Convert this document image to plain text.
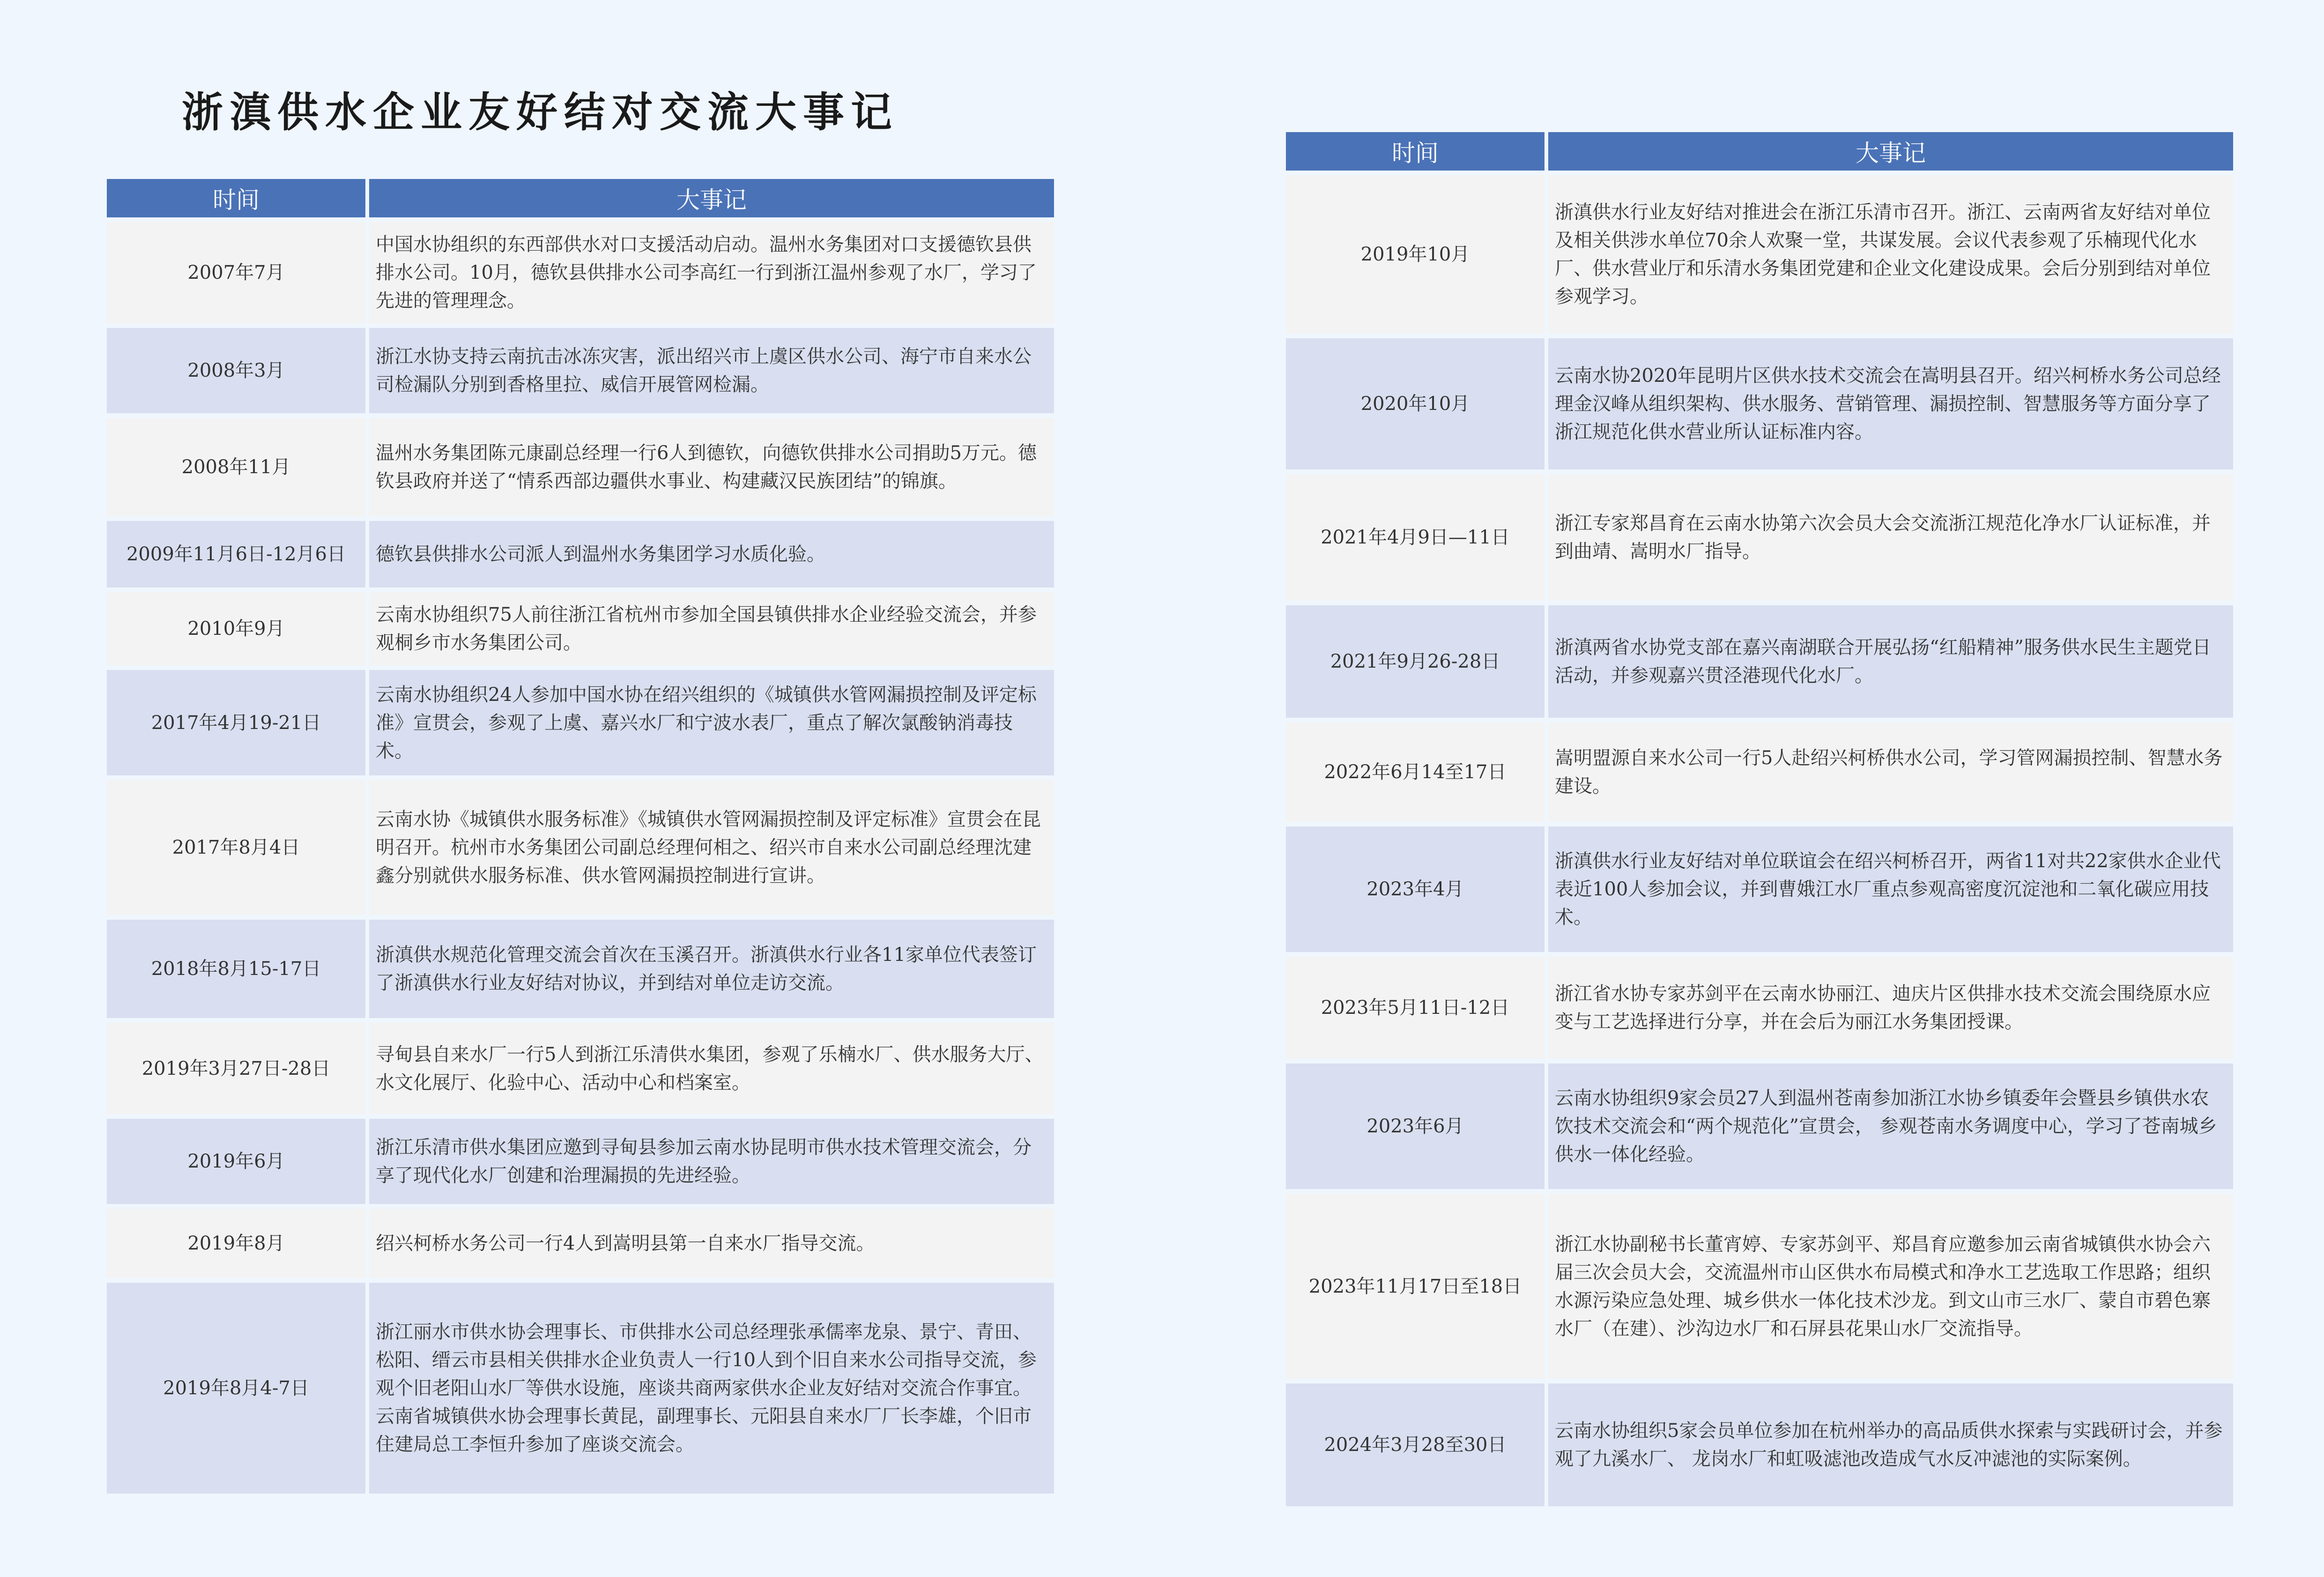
浙滇供水企业友好结对交流大事记
时间	大事记
2007年7月	中国水协组织的东西部供水对口支援活动启动。温州水务集团对口支援德钦县供排水公司。10月，德钦县供排水公司李高红一行到浙江温州参观了水厂，学习了先进的管理理念。
2008年3月	浙江水协支持云南抗击冰冻灾害，派出绍兴市上虞区供水公司、海宁市自来水公司检漏队分别到香格里拉、威信开展管网检漏。
2008年11月	温州水务集团陈元康副总经理一行6人到德钦，向德钦供排水公司捐助5万元。德钦县政府并送了“情系西部边疆供水事业、构建藏汉民族团结”的锦旗。
2009年11月6日-12月6日	德钦县供排水公司派人到温州水务集团学习水质化验。
2010年9月	云南水协组织75人前往浙江省杭州市参加全国县镇供排水企业经验交流会，并参观桐乡市水务集团公司。
2017年4月19-21日	云南水协组织24人参加中国水协在绍兴组织的《城镇供水管网漏损控制及评定标准》宣贯会，参观了上虞、嘉兴水厂和宁波水表厂，重点了解次氯酸钠消毒技术。
2017年8月4日	云南水协《城镇供水服务标准》《城镇供水管网漏损控制及评定标准》宣贯会在昆明召开。杭州市水务集团公司副总经理何相之、绍兴市自来水公司副总经理沈建鑫分别就供水服务标准、供水管网漏损控制进行宣讲。
2018年8月15-17日	浙滇供水规范化管理交流会首次在玉溪召开。浙滇供水行业各11家单位代表签订了浙滇供水行业友好结对协议，并到结对单位走访交流。
2019年3月27日-28日	寻甸县自来水厂一行5人到浙江乐清供水集团，参观了乐楠水厂、供水服务大厅、水文化展厅、化验中心、活动中心和档案室。
2019年6月	浙江乐清市供水集团应邀到寻甸县参加云南水协昆明市供水技术管理交流会，分享了现代化水厂创建和治理漏损的先进经验。
2019年8月	绍兴柯桥水务公司一行4人到嵩明县第一自来水厂指导交流。
2019年8月4-7日	浙江丽水市供水协会理事长、市供排水公司总经理张承儒率龙泉、景宁、青田、松阳、缙云市县相关供排水企业负责人一行10人到个旧自来水公司指导交流，参观个旧老阳山水厂等供水设施，座谈共商两家供水企业友好结对交流合作事宜。云南省城镇供水协会理事长黄昆，副理事长、元阳县自来水厂厂长李雄，个旧市住建局总工李恒升参加了座谈交流会。
时间	大事记
2019年10月	浙滇供水行业友好结对推进会在浙江乐清市召开。浙江、云南两省友好结对单位及相关供涉水单位70余人欢聚一堂，共谋发展。会议代表参观了乐楠现代化水厂、供水营业厅和乐清水务集团党建和企业文化建设成果。会后分别到结对单位参观学习。
2020年10月	云南水协2020年昆明片区供水技术交流会在嵩明县召开。绍兴柯桥水务公司总经理金汉峰从组织架构、供水服务、营销管理、漏损控制、智慧服务等方面分享了浙江规范化供水营业所认证标准内容。
2021年4月9日—11日	浙江专家郑昌育在云南水协第六次会员大会交流浙江规范化净水厂认证标准，并到曲靖、嵩明水厂指导。
2021年9月26-28日	浙滇两省水协党支部在嘉兴南湖联合开展弘扬“红船精神”服务供水民生主题党日活动，并参观嘉兴贯泾港现代化水厂。
2022年6月14至17日	嵩明盟源自来水公司一行5人赴绍兴柯桥供水公司，学习管网漏损控制、智慧水务建设。
2023年4月	浙滇供水行业友好结对单位联谊会在绍兴柯桥召开，两省11对共22家供水企业代表近100人参加会议，并到曹娥江水厂重点参观高密度沉淀池和二氧化碳应用技术。
2023年5月11日-12日	浙江省水协专家苏剑平在云南水协丽江、迪庆片区供排水技术交流会围绕原水应变与工艺选择进行分享，并在会后为丽江水务集团授课。
2023年6月	云南水协组织9家会员27人到温州苍南参加浙江水协乡镇委年会暨县乡镇供水农饮技术交流会和“两个规范化”宣贯会， 参观苍南水务调度中心，学习了苍南城乡供水一体化经验。
2023年11月17日至18日	浙江水协副秘书长董宵婷、专家苏剑平、郑昌育应邀参加云南省城镇供水协会六届三次会员大会，交流温州市山区供水布局模式和净水工艺选取工作思路；组织水源污染应急处理、城乡供水一体化技术沙龙。到文山市三水厂、蒙自市碧色寨水厂（在建）、沙沟边水厂和石屏县花果山水厂交流指导。
2024年3月28至30日	云南水协组织5家会员单位参加在杭州举办的高品质供水探索与实践研讨会，并参观了九溪水厂、 龙岗水厂和虹吸滤池改造成气水反冲滤池的实际案例。
